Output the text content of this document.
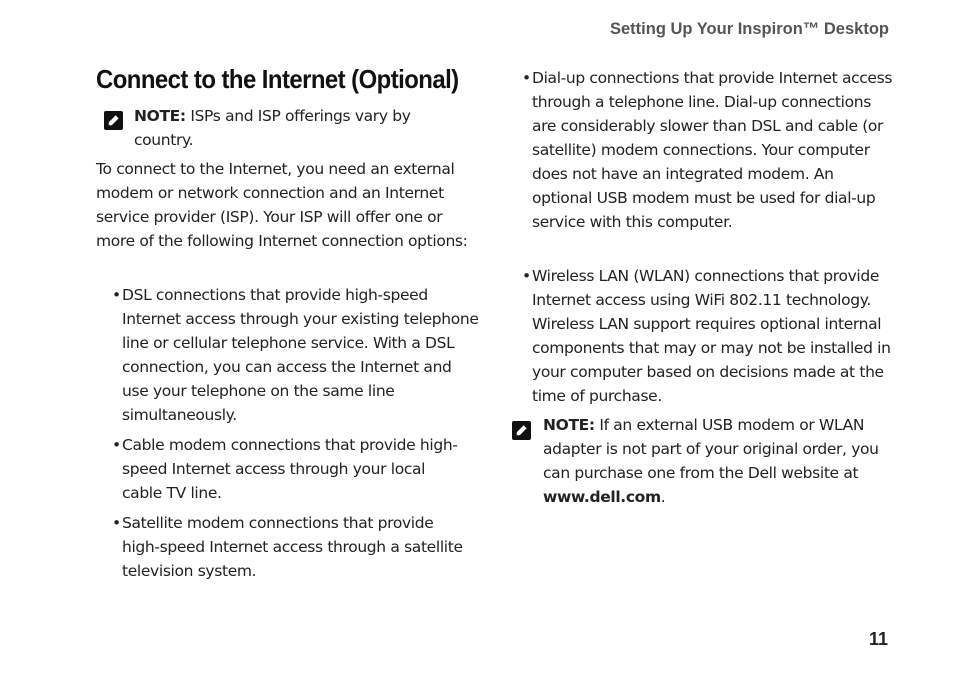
Setting Up Your Inspiron™ Desktop
Connect to the Internet (Optional)
NOTE: ISPs and ISP offerings vary by country.

To connect to the Internet, you need an external modem or network connection and an Internet service provider (ISP). Your ISP will offer one or more of the following Internet connection options:

• DSL connections that provide high-speed Internet access through your existing telephone line or cellular telephone service. With a DSL connection, you can access the Internet and use your telephone on the same line simultaneously.
• Cable modem connections that provide high-speed Internet access through your local cable TV line.
• Satellite modem connections that provide high-speed Internet access through a satellite television system.
• Dial-up connections that provide Internet access through a telephone line. Dial-up connections are considerably slower than DSL and cable (or satellite) modem connections. Your computer does not have an integrated modem. An optional USB modem must be used for dial-up service with this computer.
• Wireless LAN (WLAN) connections that provide Internet access using WiFi 802.11 technology. Wireless LAN support requires optional internal components that may or may not be installed in your computer based on decisions made at the time of purchase.
NOTE: If an external USB modem or WLAN adapter is not part of your original order, you can purchase one from the Dell website at www.dell.com.
11
